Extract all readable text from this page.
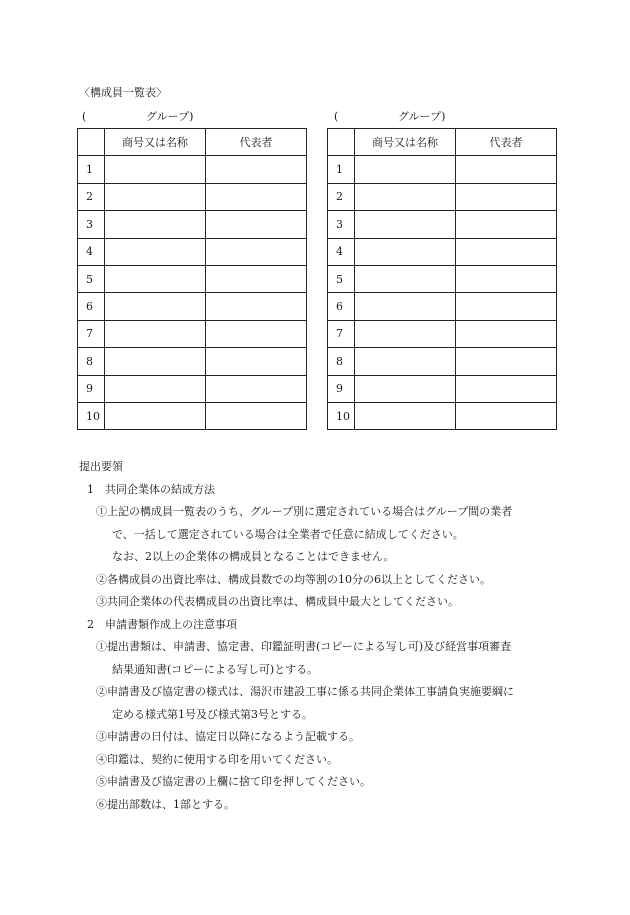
〈構成員一覧表〉
(	グループ)	(	グループ)
	商号又は名称	代表者
1		
2		
3		
4		
5		
6		
7		
8		
9		
10		
	商号又は名称	代表者
1		
2		
3		
4		
5		
6		
7		
8		
9		
10		
提出要領
1　共同企業体の結成方法
①上記の構成員一覧表のうち、グループ別に選定されている場合はグループ間の業者
で、一括して選定されている場合は全業者で任意に結成してください。
なお、2以上の企業体の構成員となることはできません。
②各構成員の出資比率は、構成員数での均等割の10分の6以上としてください。
③共同企業体の代表構成員の出資比率は、構成員中最大としてください。
2　申請書類作成上の注意事項
①提出書類は、申請書、協定書、印鑑証明書(コピーによる写し可)及び経営事項審査
結果通知書(コピーによる写し可)とする。
②申請書及び協定書の様式は、湯沢市建設工事に係る共同企業体工事請負実施要綱に
定める様式第1号及び様式第3号とする。
③申請書の日付は、協定日以降になるよう記載する。
④印鑑は、契約に使用する印を用いてください。
⑤申請書及び協定書の上欄に捨て印を押してください。
⑥提出部数は、1部とする。
